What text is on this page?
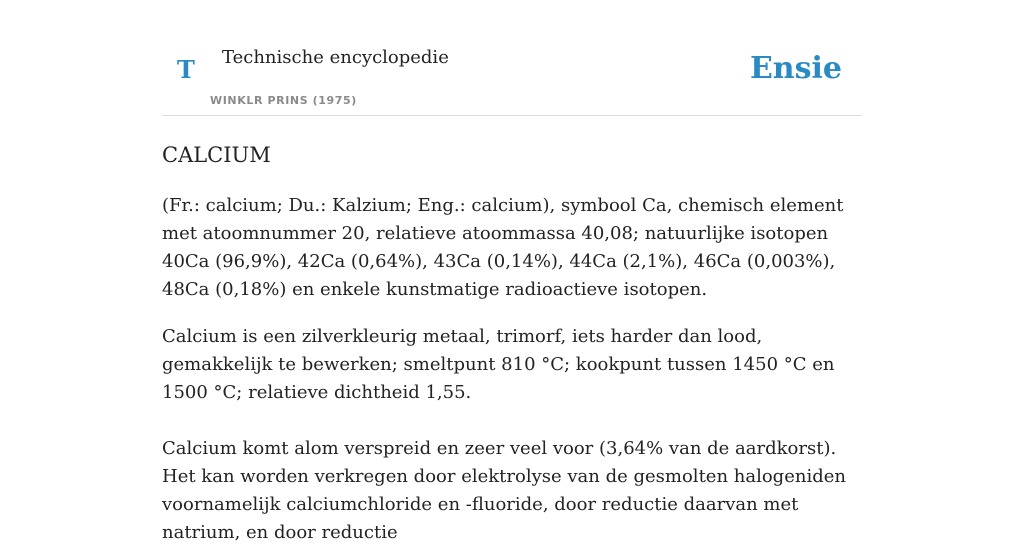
T Technische encyclopedie
WINKLR PRINS (1975)
Ensie
CALCIUM

(Fr.: calcium; Du.: Kalzium; Eng.: calcium), symbool Ca, chemisch element met atoomnummer 20, relatieve atoommassa 40,08; natuurlijke isotopen 40Ca (96,9%), 42Ca (0,64%), 43Ca (0,14%), 44Ca (2,1%), 46Ca (0,003%), 48Ca (0,18%) en enkele kunstmatige radioactieve isotopen.

Calcium is een zilverkleurig metaal, trimorf, iets harder dan lood, gemakkelijk te bewerken; smeltpunt 810 °C; kookpunt tussen 1450 °C en 1500 °C; relatieve dichtheid 1,55.

Calcium komt alom verspreid en zeer veel voor (3,64% van de aardkorst). Het kan worden verkregen door elektrolyse van de gesmolten halogeniden voornamelijk calciumchloride en -fluoride, door reductie daarvan met natrium, en door reductie
